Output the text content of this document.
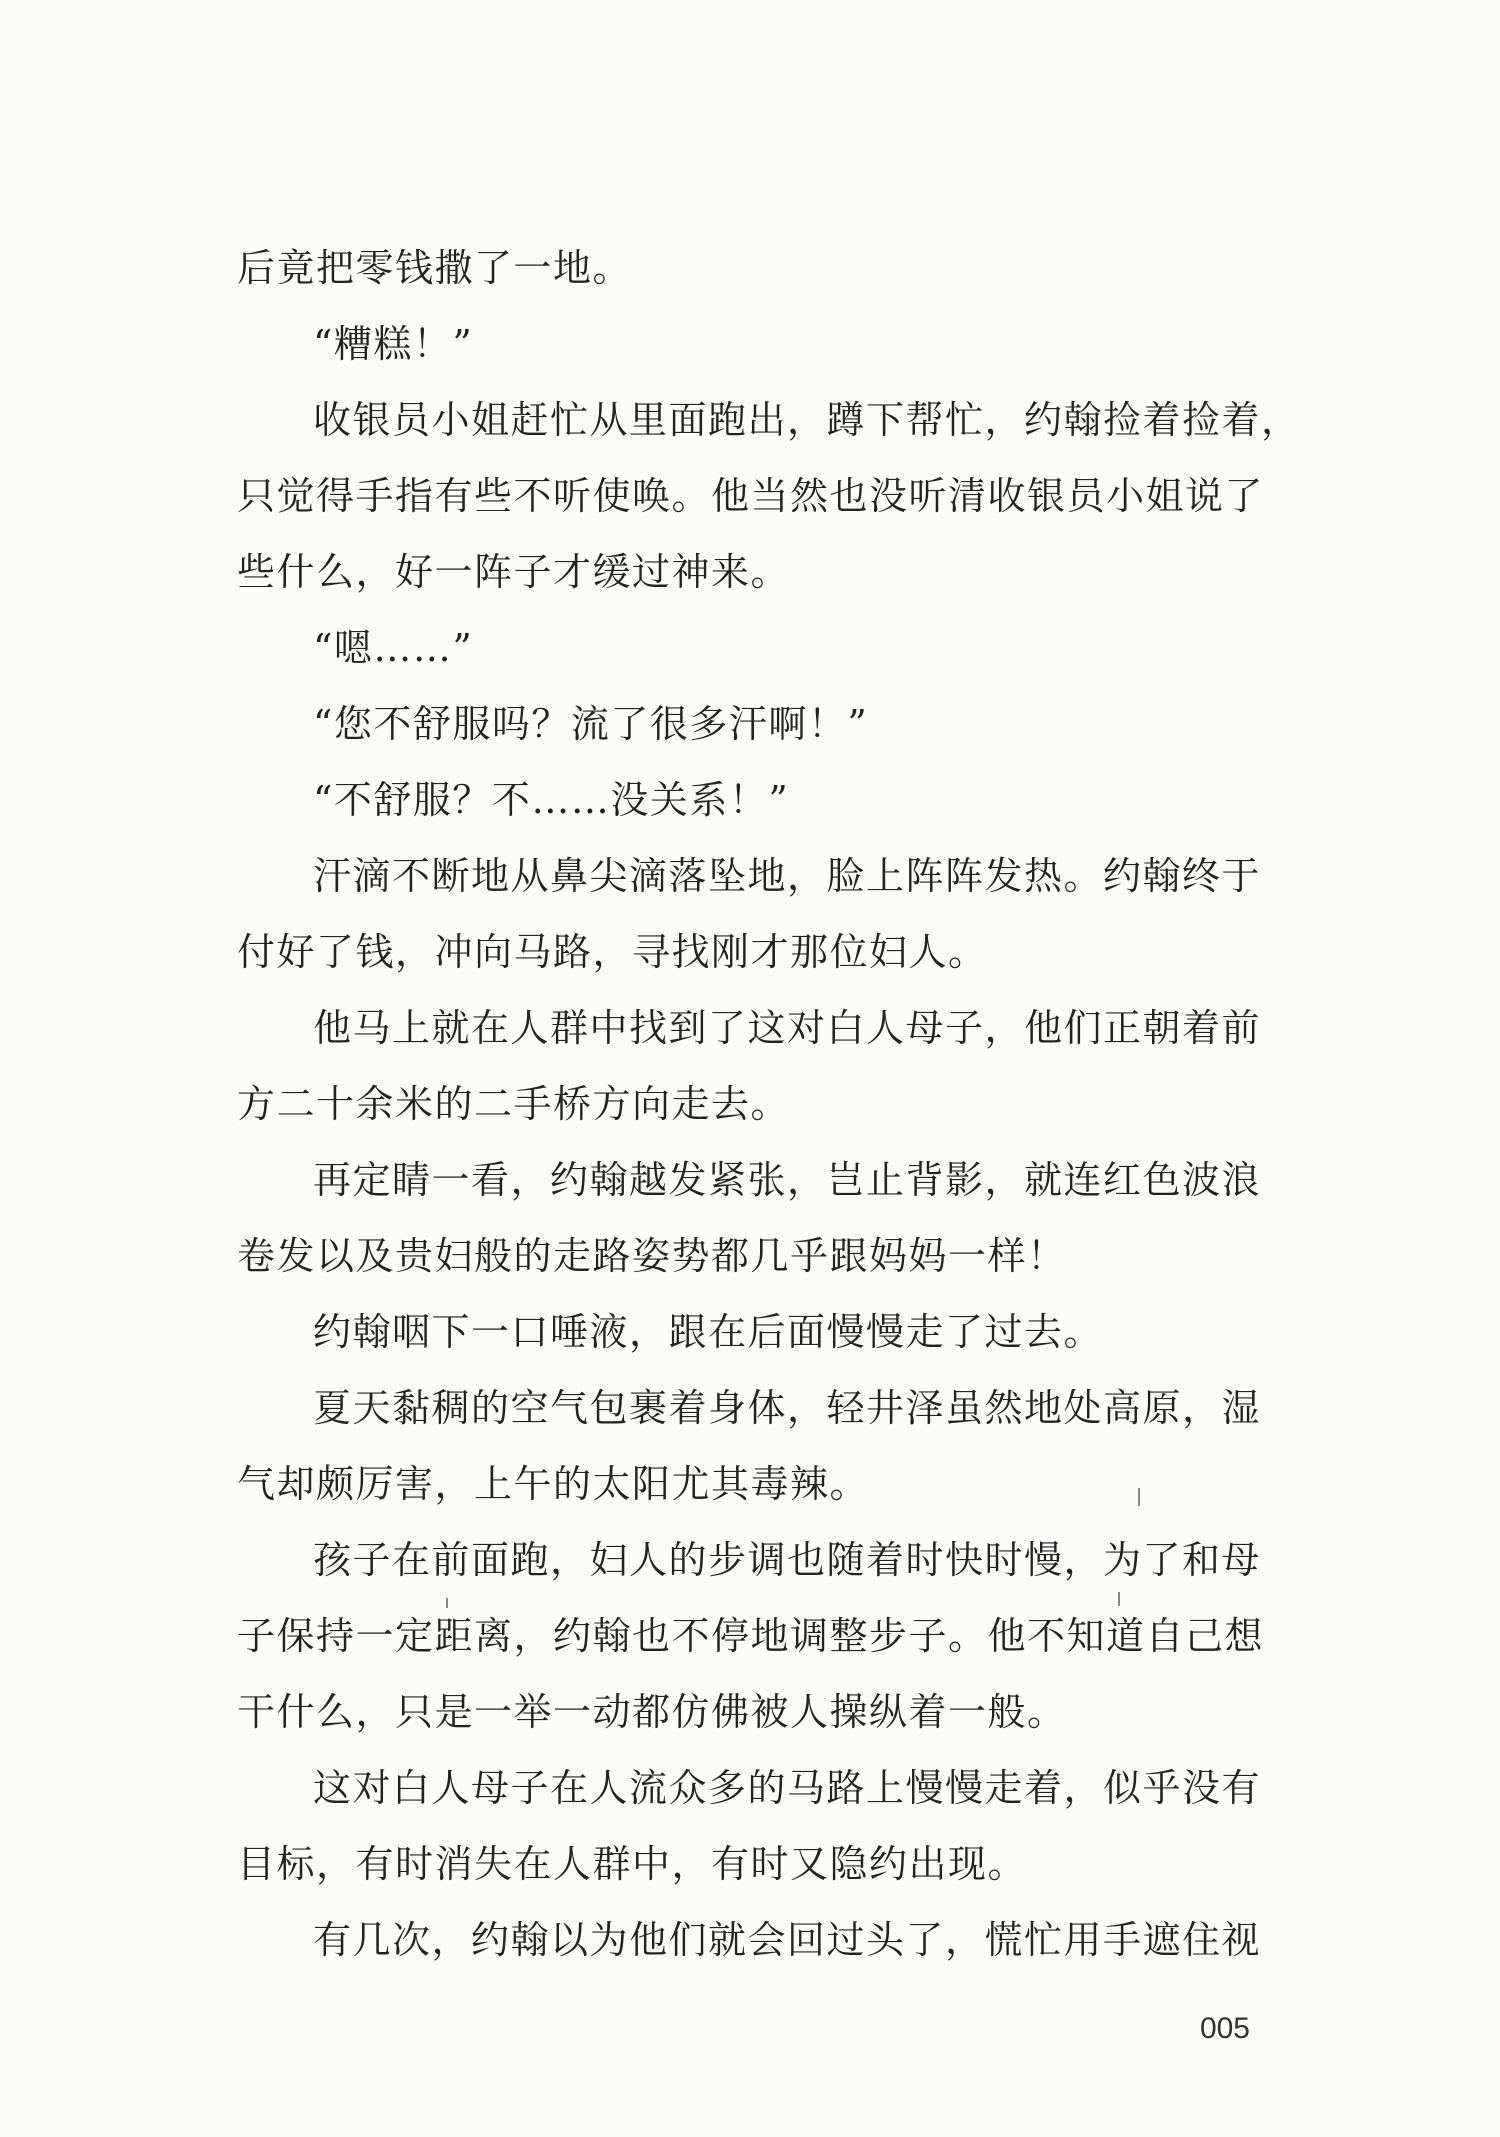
后竟把零钱撒了一地。
“糟糕！”
收银员小姐赶忙从里面跑出，蹲下帮忙，约翰捡着捡着，
只觉得手指有些不听使唤。他当然也没听清收银员小姐说了
些什么，好一阵子才缓过神来。
“嗯……”
“您不舒服吗？流了很多汗啊！”
“不舒服？不……没关系！”
汗滴不断地从鼻尖滴落坠地，脸上阵阵发热。约翰终于
付好了钱，冲向马路，寻找刚才那位妇人。
他马上就在人群中找到了这对白人母子，他们正朝着前
方二十余米的二手桥方向走去。
再定睛一看，约翰越发紧张，岂止背影，就连红色波浪
卷发以及贵妇般的走路姿势都几乎跟妈妈一样！
约翰咽下一口唾液，跟在后面慢慢走了过去。
夏天黏稠的空气包裹着身体，轻井泽虽然地处高原，湿
气却颇厉害，上午的太阳尤其毒辣。
孩子在前面跑，妇人的步调也随着时快时慢，为了和母
子保持一定距离，约翰也不停地调整步子。他不知道自己想
干什么，只是一举一动都仿佛被人操纵着一般。
这对白人母子在人流众多的马路上慢慢走着，似乎没有
目标，有时消失在人群中，有时又隐约出现。
有几次，约翰以为他们就会回过头了，慌忙用手遮住视
005
